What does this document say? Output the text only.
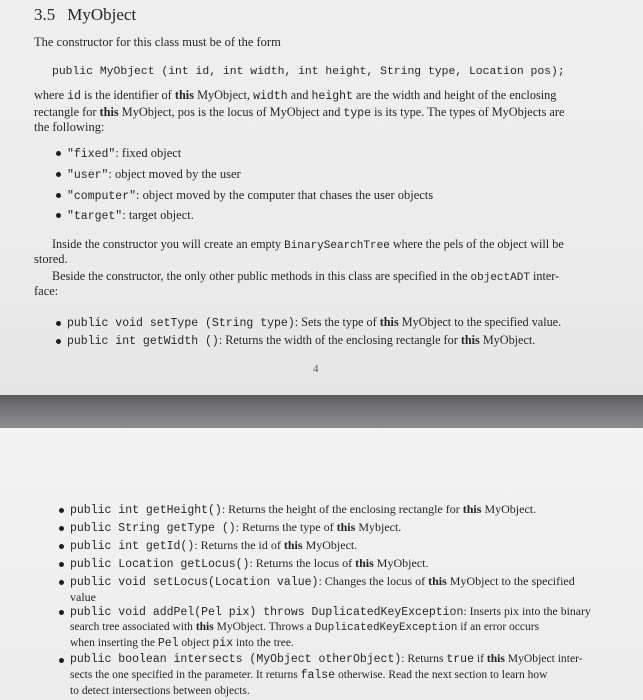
3.5 MyObject
The constructor for this class must be of the form
public MyObject (int id, int width, int height, String type, Location pos);
where id is the identifier of this MyObject, width and height are the width and height of the enclosing
rectangle for this MyObject, pos is the locus of MyObject and type is its type. The types of MyObjects are
the following:
"fixed": fixed object
"user": object moved by the user
"computer": object moved by the computer that chases the user objects
"target": target object.
Inside the constructor you will create an empty BinarySearchTree where the pels of the object will be
stored.
Beside the constructor, the only other public methods in this class are specified in the objectADT inter-
face:
public void setType (String type): Sets the type of this MyObject to the specified value.
public int getWidth (): Returns the width of the enclosing rectangle for this MyObject.
4
public int getHeight(): Returns the height of the enclosing rectangle for this MyObject.
public String getType (): Returns the type of this Mybject.
public int getId(): Returns the id of this MyObject.
public Location getLocus(): Returns the locus of this MyObject.
public void setLocus(Location value): Changes the locus of this MyObject to the specified
value
public void addPel(Pel pix) throws DuplicatedKeyException: Inserts pix into the binary
search tree associated with this MyObject. Throws a DuplicatedKeyException if an error occurs
when inserting the Pel object pix into the tree.
public boolean intersects (MyObject otherObject): Returns true if this MyObject inter-
sects the one specified in the parameter. It returns false otherwise. Read the next section to learn how
to detect intersections between objects.
